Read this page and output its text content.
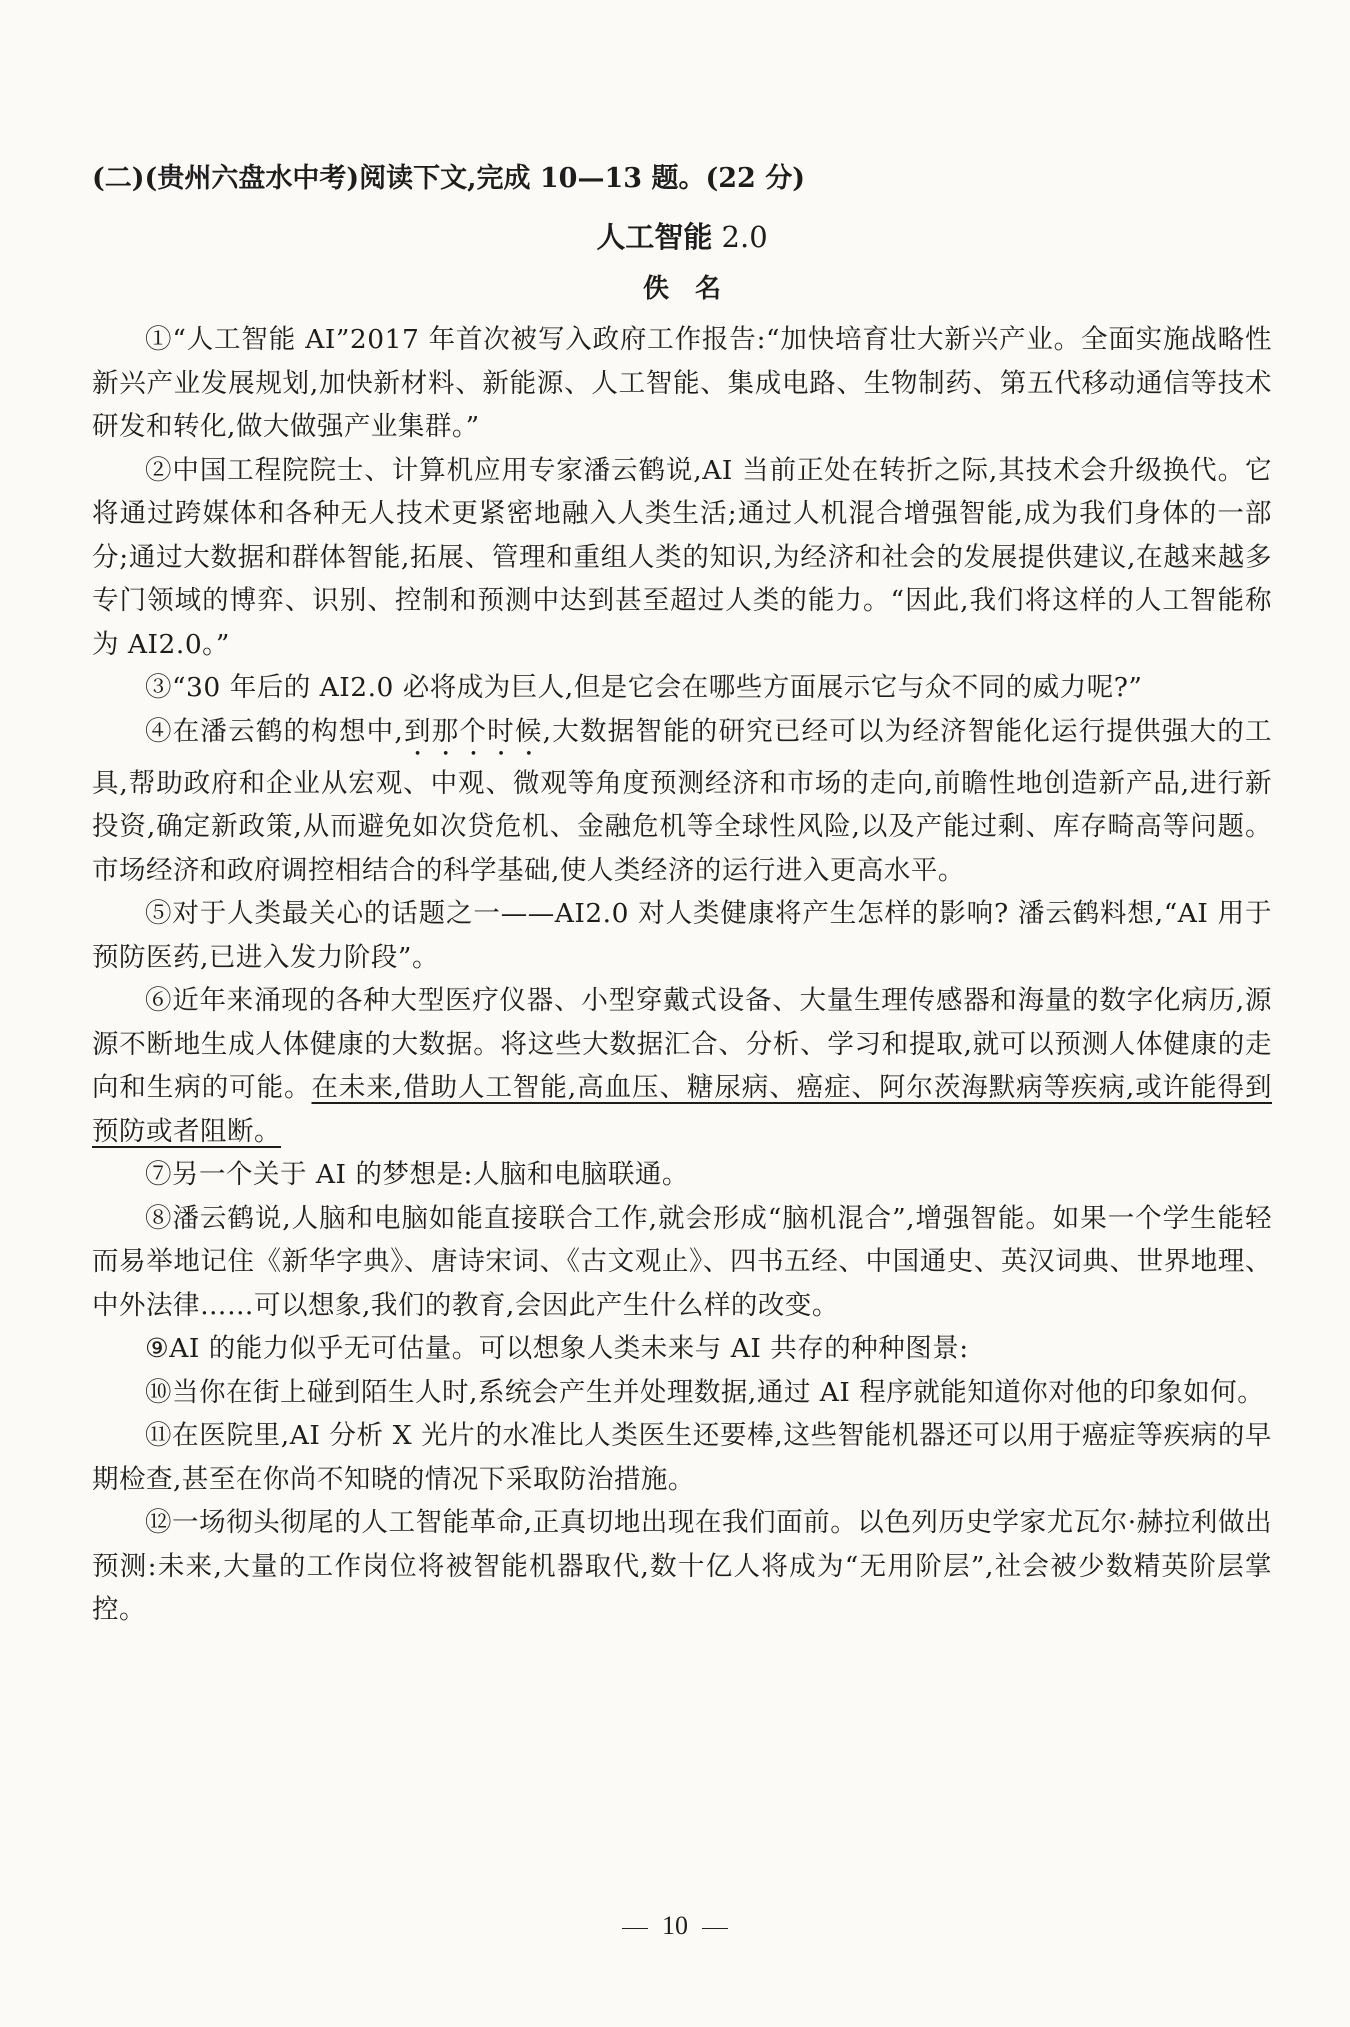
(二)(贵州六盘水中考)阅读下文,完成 10—13 题。(22 分)
人工智能 2.0
佚名

①“人工智能 AI”2017 年首次被写入政府工作报告:“加快培育壮大新兴产业。全面实施战略性新兴产业发展规划,加快新材料、新能源、人工智能、集成电路、生物制药、第五代移动通信等技术研发和转化,做大做强产业集群。”

②中国工程院院士、计算机应用专家潘云鹤说,AI 当前正处在转折之际,其技术会升级换代。它将通过跨媒体和各种无人技术更紧密地融入人类生活;通过人机混合增强智能,成为我们身体的一部分;通过大数据和群体智能,拓展、管理和重组人类的知识,为经济和社会的发展提供建议,在越来越多专门领域的博弈、识别、控制和预测中达到甚至超过人类的能力。“因此,我们将这样的人工智能称为 AI2.0。”

③“30 年后的 AI2.0 必将成为巨人,但是它会在哪些方面展示它与众不同的威力呢?”

④在潘云鹤的构想中,到那个时候,大数据智能的研究已经可以为经济智能化运行提供强大的工具,帮助政府和企业从宏观、中观、微观等角度预测经济和市场的走向,前瞻性地创造新产品,进行新投资,确定新政策,从而避免如次贷危机、金融危机等全球性风险,以及产能过剩、库存畸高等问题。市场经济和政府调控相结合的科学基础,使人类经济的运行进入更高水平。

⑤对于人类最关心的话题之一——AI2.0 对人类健康将产生怎样的影响? 潘云鹤料想,“AI 用于预防医药,已进入发力阶段”。

⑥近年来涌现的各种大型医疗仪器、小型穿戴式设备、大量生理传感器和海量的数字化病历,源源不断地生成人体健康的大数据。将这些大数据汇合、分析、学习和提取,就可以预测人体健康的走向和生病的可能。在未来,借助人工智能,高血压、糖尿病、癌症、阿尔茨海默病等疾病,或许能得到预防或者阻断。

⑦另一个关于 AI 的梦想是:人脑和电脑联通。

⑧潘云鹤说,人脑和电脑如能直接联合工作,就会形成“脑机混合”,增强智能。如果一个学生能轻而易举地记住《新华字典》、唐诗宋词、《古文观止》、四书五经、中国通史、英汉词典、世界地理、中外法律……可以想象,我们的教育,会因此产生什么样的改变。

⑨AI 的能力似乎无可估量。可以想象人类未来与 AI 共存的种种图景:

⑩当你在街上碰到陌生人时,系统会产生并处理数据,通过 AI 程序就能知道你对他的印象如何。

⑪在医院里,AI 分析 X 光片的水准比人类医生还要棒,这些智能机器还可以用于癌症等疾病的早期检查,甚至在你尚不知晓的情况下采取防治措施。

⑫一场彻头彻尾的人工智能革命,正真切地出现在我们面前。以色列历史学家尤瓦尔·赫拉利做出预测:未来,大量的工作岗位将被智能机器取代,数十亿人将成为“无用阶层”,社会被少数精英阶层掌控。

10
